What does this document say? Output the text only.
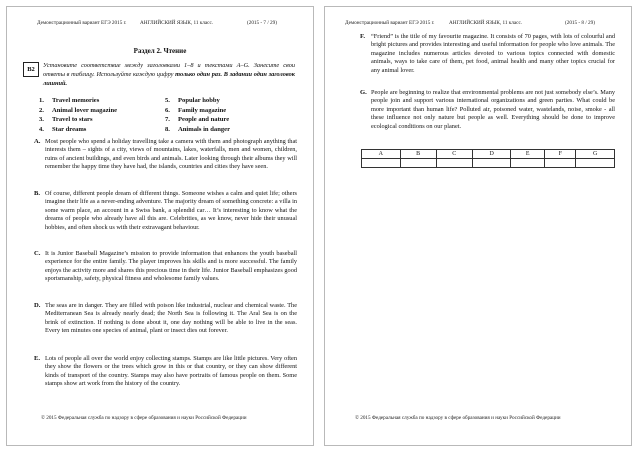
Демонстрационный вариант ЕГЭ 2015 г.	АНГЛИЙСКИЙ ЯЗЫК, 11 класс.	(2015 - 7 / 29)
Раздел 2. Чтение
B2
Установите соответствие между заголовками 1–8 и текстами A–G. Занесите свои ответы в таблицу. Используйте каждую цифру только один раз. В задании один заголовок лишний.
1. Travel memories
2. Animal lover magazine
3. Travel to stars
4. Star dreams
5. Popular hobby
6. Family magazine
7. People and nature
8. Animals in danger
A. Most people who spend a holiday travelling take a camera with them and photograph anything that interests them – sights of a city, views of mountains, lakes, waterfalls, men and women, children, ruins of ancient buildings, and even birds and animals. Later looking through their albums they will remember the happy time they have had, the islands, countries and cities they have seen.
B. Of course, different people dream of different things. Someone wishes a calm and quiet life; others imagine their life as a never-ending adventure. The majority dream of something concrete: a villa in some warm place, an account in a Swiss bank, a splendid car… It’s interesting to know what the dreams of people who already have all this are. Celebrities, as we know, never hide their unusual hobbies, and often shock us with their extravagant behaviour.
C. It is Junior Baseball Magazine’s mission to provide information that enhances the youth baseball experience for the entire family. The player improves his skills and is more successful. The family enjoys the activity more and shares this precious time in their life. Junior Baseball emphasizes good sportsmanship, safety, physical fitness and wholesome family values.
D. The seas are in danger. They are filled with poison like industrial, nuclear and chemical waste. The Mediterranean Sea is already nearly dead; the North Sea is following it. The Aral Sea is on the brink of extinction. If nothing is done about it, one day nothing will be able to live in the seas. Every ten minutes one species of animal, plant or insect dies out forever.
E. Lots of people all over the world enjoy collecting stamps. Stamps are like little pictures. Very often they show the flowers or the trees which grow in this or that country, or they can show different kinds of transport of the country. Stamps may also have portraits of famous people on them. Some stamps show art work from the history of the country.
© 2015 Федеральная служба по надзору в сфере образования и науки Российской Федерации
Демонстрационный вариант ЕГЭ 2015 г.	АНГЛИЙСКИЙ ЯЗЫК, 11 класс.	(2015 - 8 / 29)
F. “Friend” is the title of my favourite magazine. It consists of 70 pages, with lots of colourful and bright pictures and provides interesting and useful information for people who love animals. The magazine includes numerous articles devoted to various topics connected with domestic animals, ways to take care of them, pet food, animal health and many other topics crucial for any animal lover.
G. People are beginning to realize that environmental problems are not just somebody else’s. Many people join and support various international organizations and green parties. What could be more important than human life? Polluted air, poisoned water, wastelands, noise, smoke - all these influence not only nature but people as well. Everything should be done to improve ecological conditions on our planet.
A	B	C	D	E	F	G

© 2015 Федеральная служба по надзору в сфере образования и науки Российской Федерации
